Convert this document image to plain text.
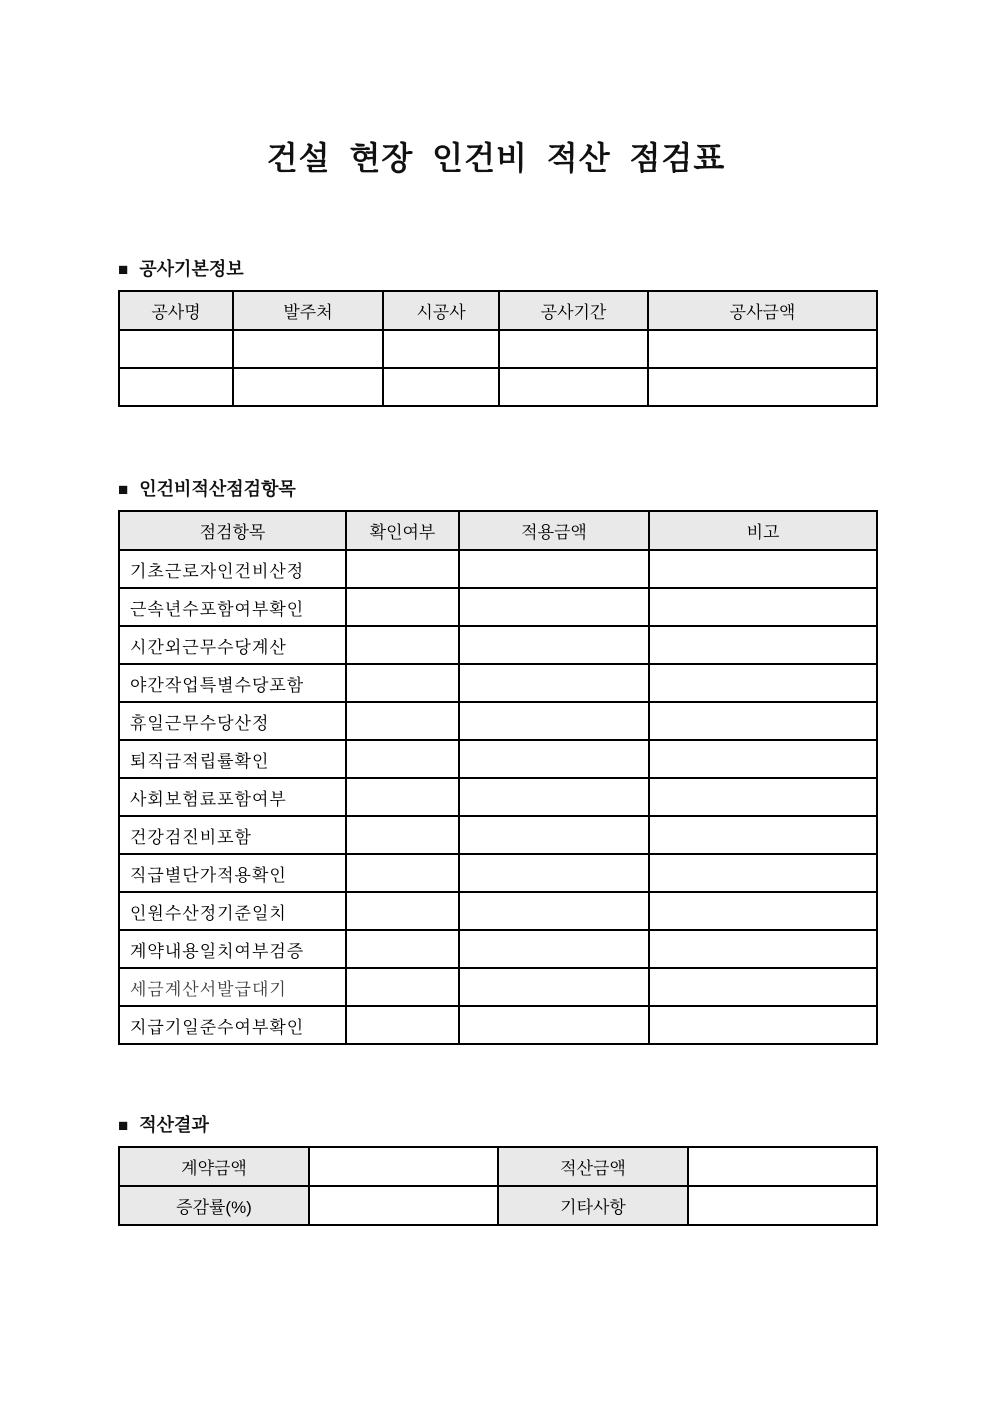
건설 현장 인건비 적산 점검표
■ 공사기본정보
공사명	발주처	시공사	공사기간	공사금액

■ 인건비적산점검항목
점검항목	확인여부	적용금액	비고
기초근로자인건비산정			
근속년수포함여부확인			
시간외근무수당계산			
야간작업특별수당포함			
휴일근무수당산정			
퇴직금적립률확인			
사회보험료포함여부			
건강검진비포함			
직급별단가적용확인			
인원수산정기준일치			
계약내용일치여부검증			
세금계산서발급대기			
지급기일준수여부확인			
■ 적산결과
계약금액		적산금액	
증감률(%)		기타사항	
